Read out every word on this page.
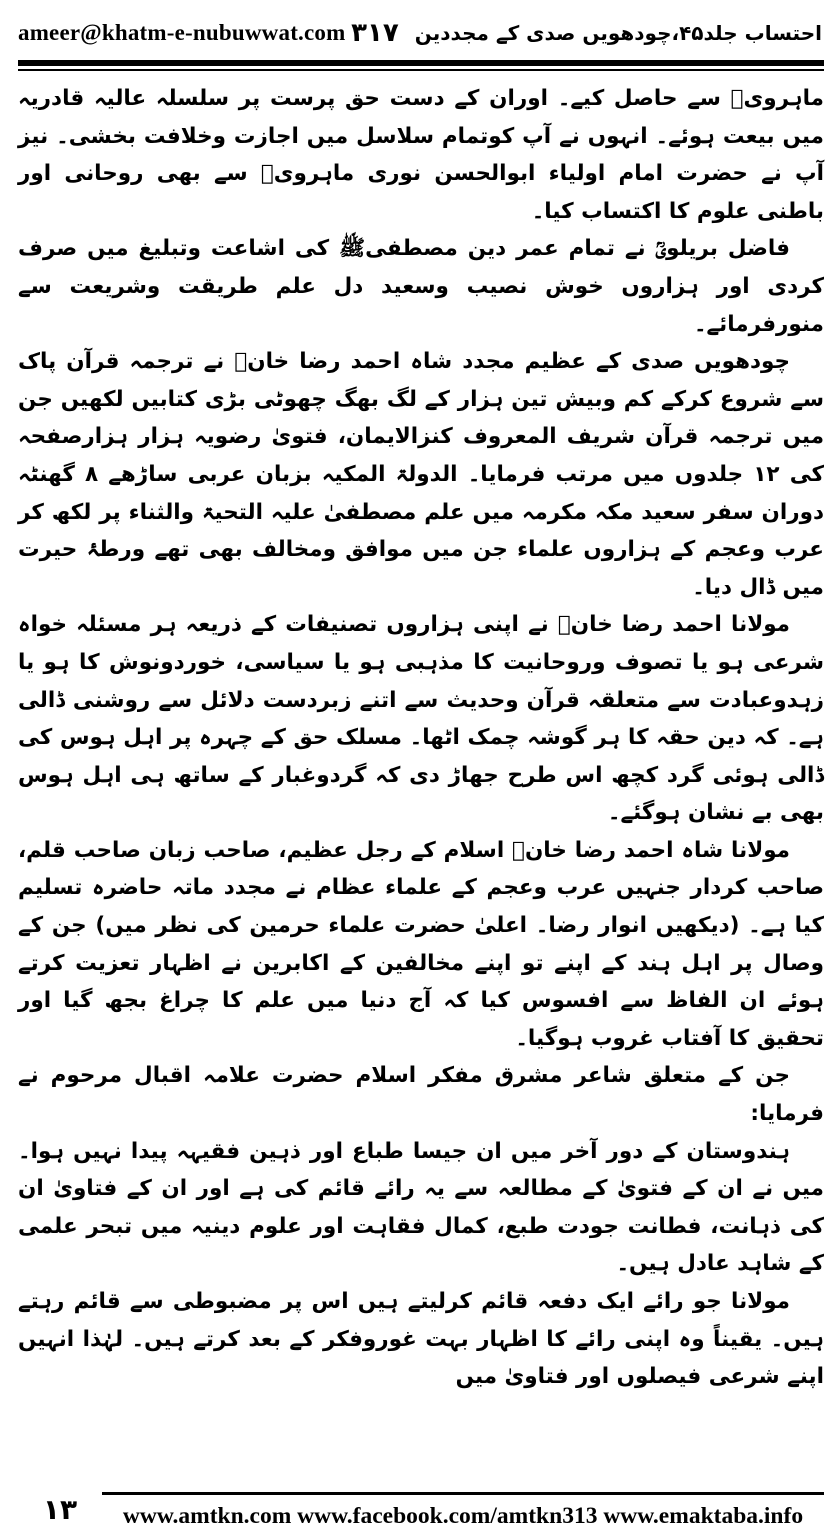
ameer@khatm-e-nubuwwat.com	احتساب جلد۴۵،چودھویں صدی کے مجددین
۳۱۷

ماہرویؒ سے حاصل کیے۔ اوران کے دست حق پرست پر سلسلہ عالیہ قادریہ میں بیعت ہوئے۔ انہوں نے آپ کوتمام سلاسل میں اجازت وخلافت بخشی۔ نیز آپ نے حضرت امام اولیاء ابوالحسن نوری ماہرویؒ سے بھی روحانی اور باطنی علوم کا اکتساب کیا۔

فاضل بریلویؒ نے تمام عمر دین مصطفیﷺ کی اشاعت وتبلیغ میں صرف کردی اور ہزاروں خوش نصیب وسعید دل علم طریقت وشریعت سے منورفرمائے۔

چودھویں صدی کے عظیم مجدد شاہ احمد رضا خانؒ نے ترجمہ قرآن پاک سے شروع کرکے کم وبیش تین ہزار کے لگ بھگ چھوٹی بڑی کتابیں لکھیں جن میں ترجمہ قرآن شریف المعروف کنزالایمان، فتویٰ رضویہ ہزار ہزارصفحہ کی ۱۲ جلدوں میں مرتب فرمایا۔ الدولۃ المکیہ بزبان عربی ساڑھے ۸ گھنٹہ دوران سفر سعید مکہ مکرمہ میں علم مصطفیٰ علیہ التحیۃ والثناء پر لکھ کر عرب وعجم کے ہزاروں علماء جن میں موافق ومخالف بھی تھے ورطۂ حیرت میں ڈال دیا۔

مولانا احمد رضا خانؒ نے اپنی ہزاروں تصنیفات کے ذریعہ ہر مسئلہ خواہ شرعی ہو یا تصوف وروحانیت کا مذہبی ہو یا سیاسی، خوردونوش کا ہو یا زہدوعبادت سے متعلقہ قرآن وحدیث سے اتنے زبردست دلائل سے روشنی ڈالی ہے۔ کہ دین حقہ کا ہر گوشہ چمک اٹھا۔ مسلک حق کے چہرہ پر اہل ہوس کی ڈالی ہوئی گرد کچھ اس طرح جھاڑ دی کہ گردوغبار کے ساتھ ہی اہل ہوس بھی بے نشان ہوگئے۔

مولانا شاہ احمد رضا خانؒ اسلام کے رجل عظیم، صاحب زبان صاحب قلم، صاحب کردار جنہیں عرب وعجم کے علماء عظام نے مجدد ماتہ حاضرہ تسلیم کیا ہے۔ (دیکھیں انوار رضا۔ اعلیٰ حضرت علماء حرمین کی نظر میں) جن کے وصال پر اہل ہند کے اپنے تو اپنے مخالفین کے اکابرین نے اظہار تعزیت کرتے ہوئے ان الفاظ سے افسوس کیا کہ آج دنیا میں علم کا چراغ بجھ گیا اور تحقیق کا آفتاب غروب ہوگیا۔

جن کے متعلق شاعر مشرق مفکر اسلام حضرت علامہ اقبال مرحوم نے فرمایا:

ہندوستان کے دور آخر میں ان جیسا طباع اور ذہین فقیہہ پیدا نہیں ہوا۔ میں نے ان کے فتویٰ کے مطالعہ سے یہ رائے قائم کی ہے اور ان کے فتاویٰ ان کی ذہانت، فطانت جودت طبع، کمال فقاہت اور علوم دینیہ میں تبحر علمی کے شاہد عادل ہیں۔

مولانا جو رائے ایک دفعہ قائم کرلیتے ہیں اس پر مضبوطی سے قائم رہتے ہیں۔ یقیناً وہ اپنی رائے کا اظہار بہت غوروفکر کے بعد کرتے ہیں۔ لہٰذا انہیں اپنے شرعی فیصلوں اور فتاویٰ میں

۱۳ www.amtkn.com www.facebook.com/amtkn313 www.emaktaba.info
